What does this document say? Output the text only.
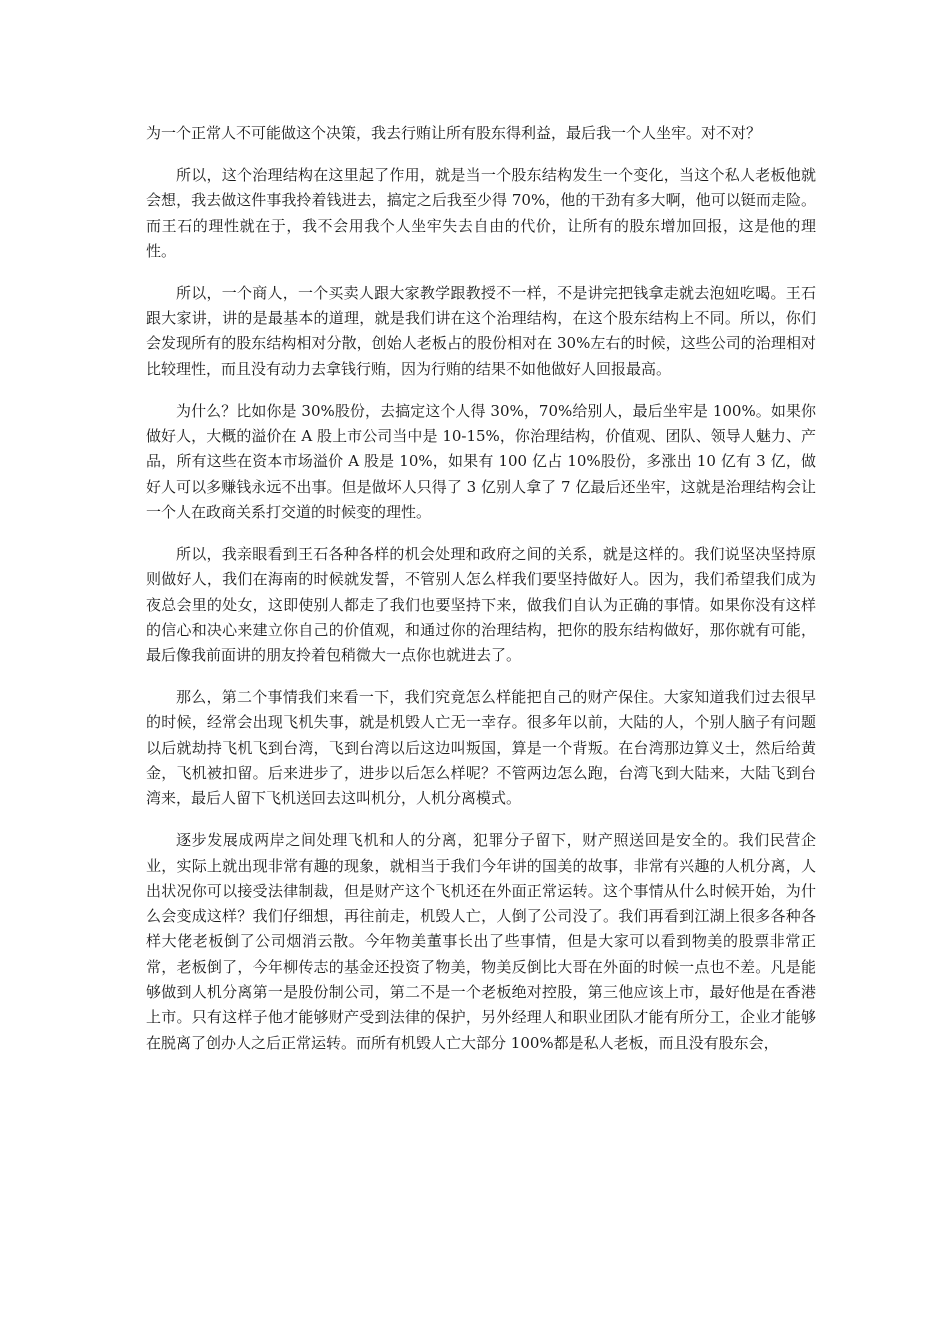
为一个正常人不可能做这个决策，我去行贿让所有股东得利益，最后我一个人坐牢。对不对？

所以，这个治理结构在这里起了作用，就是当一个股东结构发生一个变化，当这个私人老板他就会想，我去做这件事我拎着钱进去，搞定之后我至少得 70%，他的干劲有多大啊，他可以铤而走险。而王石的理性就在于，我不会用我个人坐牢失去自由的代价，让所有的股东增加回报，这是他的理性。

所以，一个商人，一个买卖人跟大家教学跟教授不一样，不是讲完把钱拿走就去泡妞吃喝。王石跟大家讲，讲的是最基本的道理，就是我们讲在这个治理结构，在这个股东结构上不同。所以，你们会发现所有的股东结构相对分散，创始人老板占的股份相对在 30%左右的时候，这些公司的治理相对比较理性，而且没有动力去拿钱行贿，因为行贿的结果不如他做好人回报最高。

为什么？比如你是 30%股份，去搞定这个人得 30%，70%给别人，最后坐牢是 100%。如果你做好人，大概的溢价在 A 股上市公司当中是 10-15%，你治理结构，价值观、团队、领导人魅力、产品，所有这些在资本市场溢价 A 股是 10%，如果有 100 亿占 10%股份，多涨出 10 亿有 3 亿，做好人可以多赚钱永远不出事。但是做坏人只得了 3 亿别人拿了 7 亿最后还坐牢，这就是治理结构会让一个人在政商关系打交道的时候变的理性。

所以，我亲眼看到王石各种各样的机会处理和政府之间的关系，就是这样的。我们说坚决坚持原则做好人，我们在海南的时候就发誓，不管别人怎么样我们要坚持做好人。因为，我们希望我们成为夜总会里的处女，这即使别人都走了我们也要坚持下来，做我们自认为正确的事情。如果你没有这样的信心和决心来建立你自己的价值观，和通过你的治理结构，把你的股东结构做好，那你就有可能，最后像我前面讲的朋友拎着包稍微大一点你也就进去了。

那么，第二个事情我们来看一下，我们究竟怎么样能把自己的财产保住。大家知道我们过去很早的时候，经常会出现飞机失事，就是机毁人亡无一幸存。很多年以前，大陆的人，个别人脑子有问题以后就劫持飞机飞到台湾，飞到台湾以后这边叫叛国，算是一个背叛。在台湾那边算义士，然后给黄金，飞机被扣留。后来进步了，进步以后怎么样呢？不管两边怎么跑，台湾飞到大陆来，大陆飞到台湾来，最后人留下飞机送回去这叫机分，人机分离模式。

逐步发展成两岸之间处理飞机和人的分离，犯罪分子留下，财产照送回是安全的。我们民营企业，实际上就出现非常有趣的现象，就相当于我们今年讲的国美的故事，非常有兴趣的人机分离，人出状况你可以接受法律制裁，但是财产这个飞机还在外面正常运转。这个事情从什么时候开始，为什么会变成这样？我们仔细想，再往前走，机毁人亡，人倒了公司没了。我们再看到江湖上很多各种各样大佬老板倒了公司烟消云散。今年物美董事长出了些事情，但是大家可以看到物美的股票非常正常，老板倒了，今年柳传志的基金还投资了物美，物美反倒比大哥在外面的时候一点也不差。凡是能够做到人机分离第一是股份制公司，第二不是一个老板绝对控股，第三他应该上市，最好他是在香港上市。只有这样子他才能够财产受到法律的保护，另外经理人和职业团队才能有所分工，企业才能够在脱离了创办人之后正常运转。而所有机毁人亡大部分 100%都是私人老板，而且没有股东会，
